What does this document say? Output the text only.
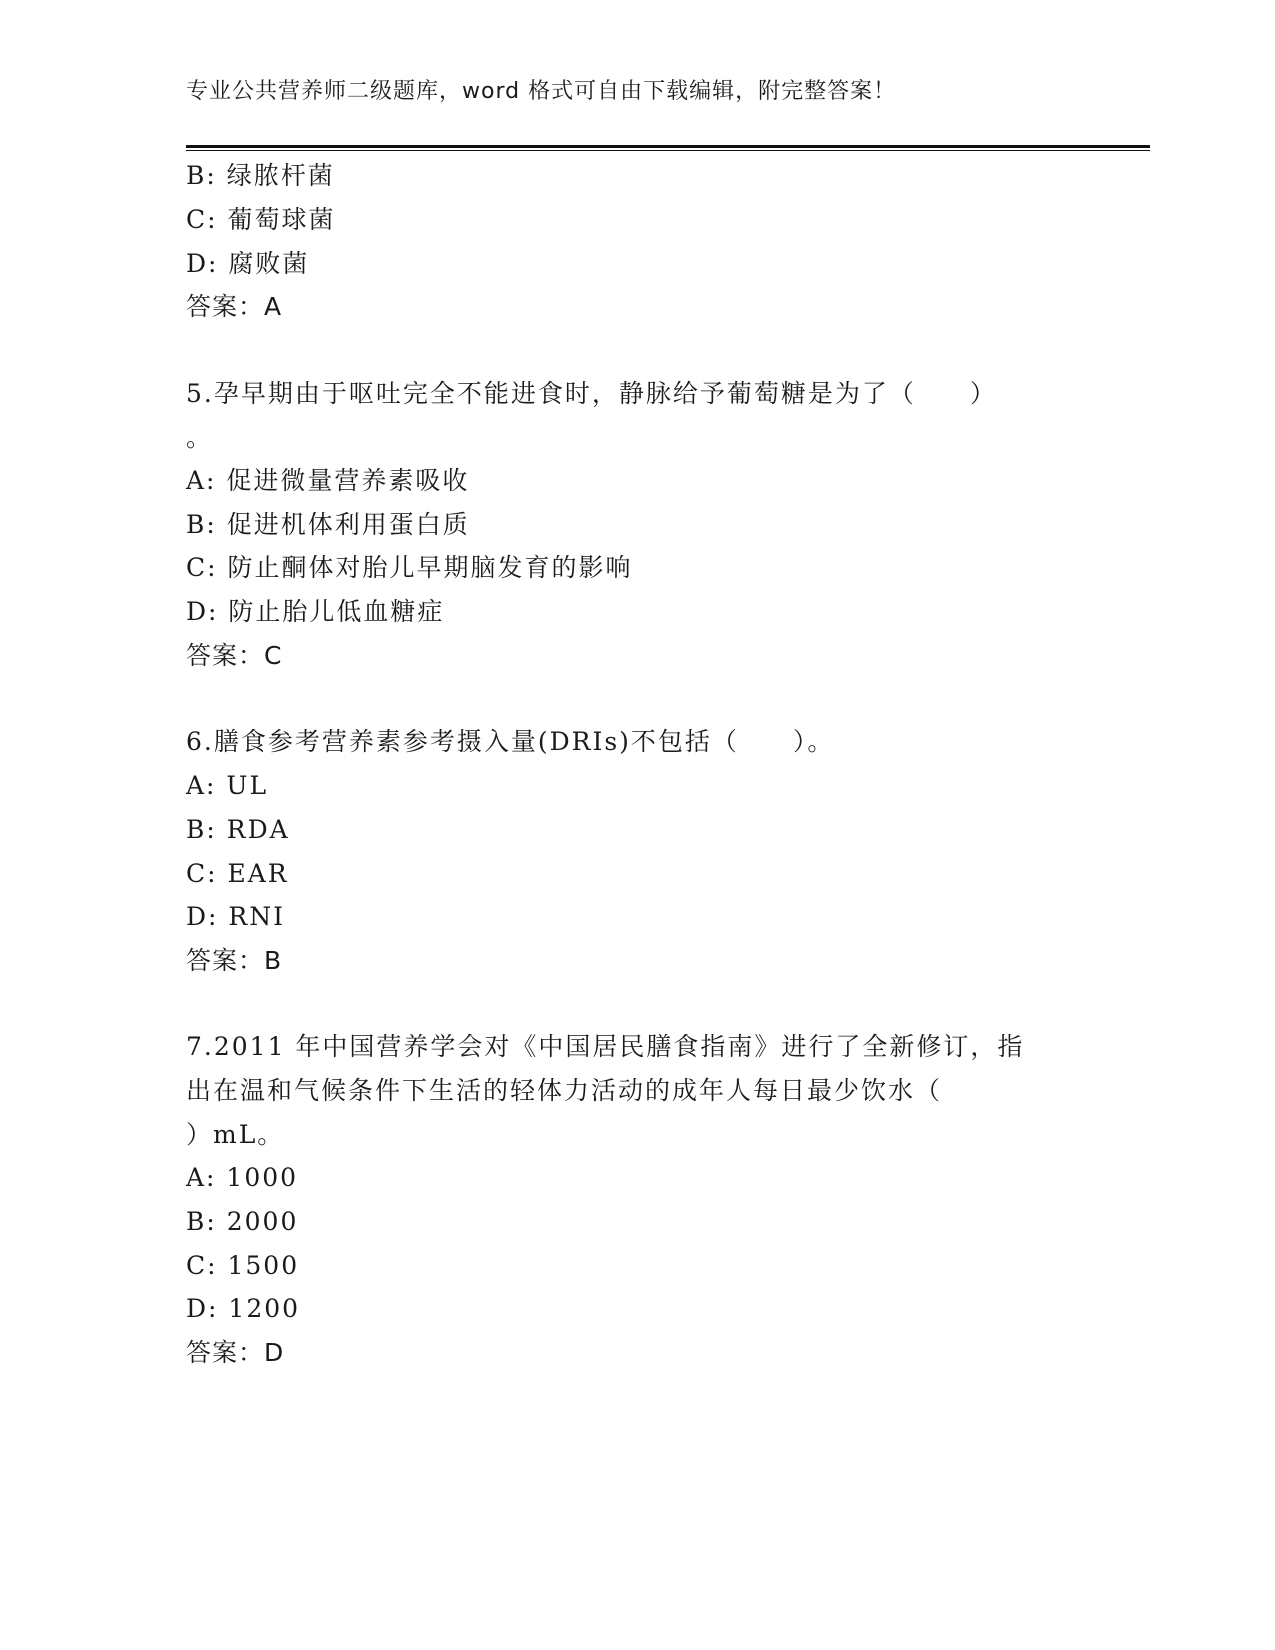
专业公共营养师二级题库，word 格式可自由下载编辑，附完整答案！
B: 绿脓杆菌
C: 葡萄球菌
D: 腐败菌
答案：A
5.孕早期由于呕吐完全不能进食时，静脉给予葡萄糖是为了（　　）
。
A: 促进微量营养素吸收
B: 促进机体利用蛋白质
C: 防止酮体对胎儿早期脑发育的影响
D: 防止胎儿低血糖症
答案：C
6.膳食参考营养素参考摄入量(DRIs)不包括（　　）。
A: UL
B: RDA
C: EAR
D: RNI
答案：B
7.2011 年中国营养学会对《中国居民膳食指南》进行了全新修订，指
出在温和气候条件下生活的轻体力活动的成年人每日最少饮水（
）mL。
A: 1000
B: 2000
C: 1500
D: 1200
答案：D
